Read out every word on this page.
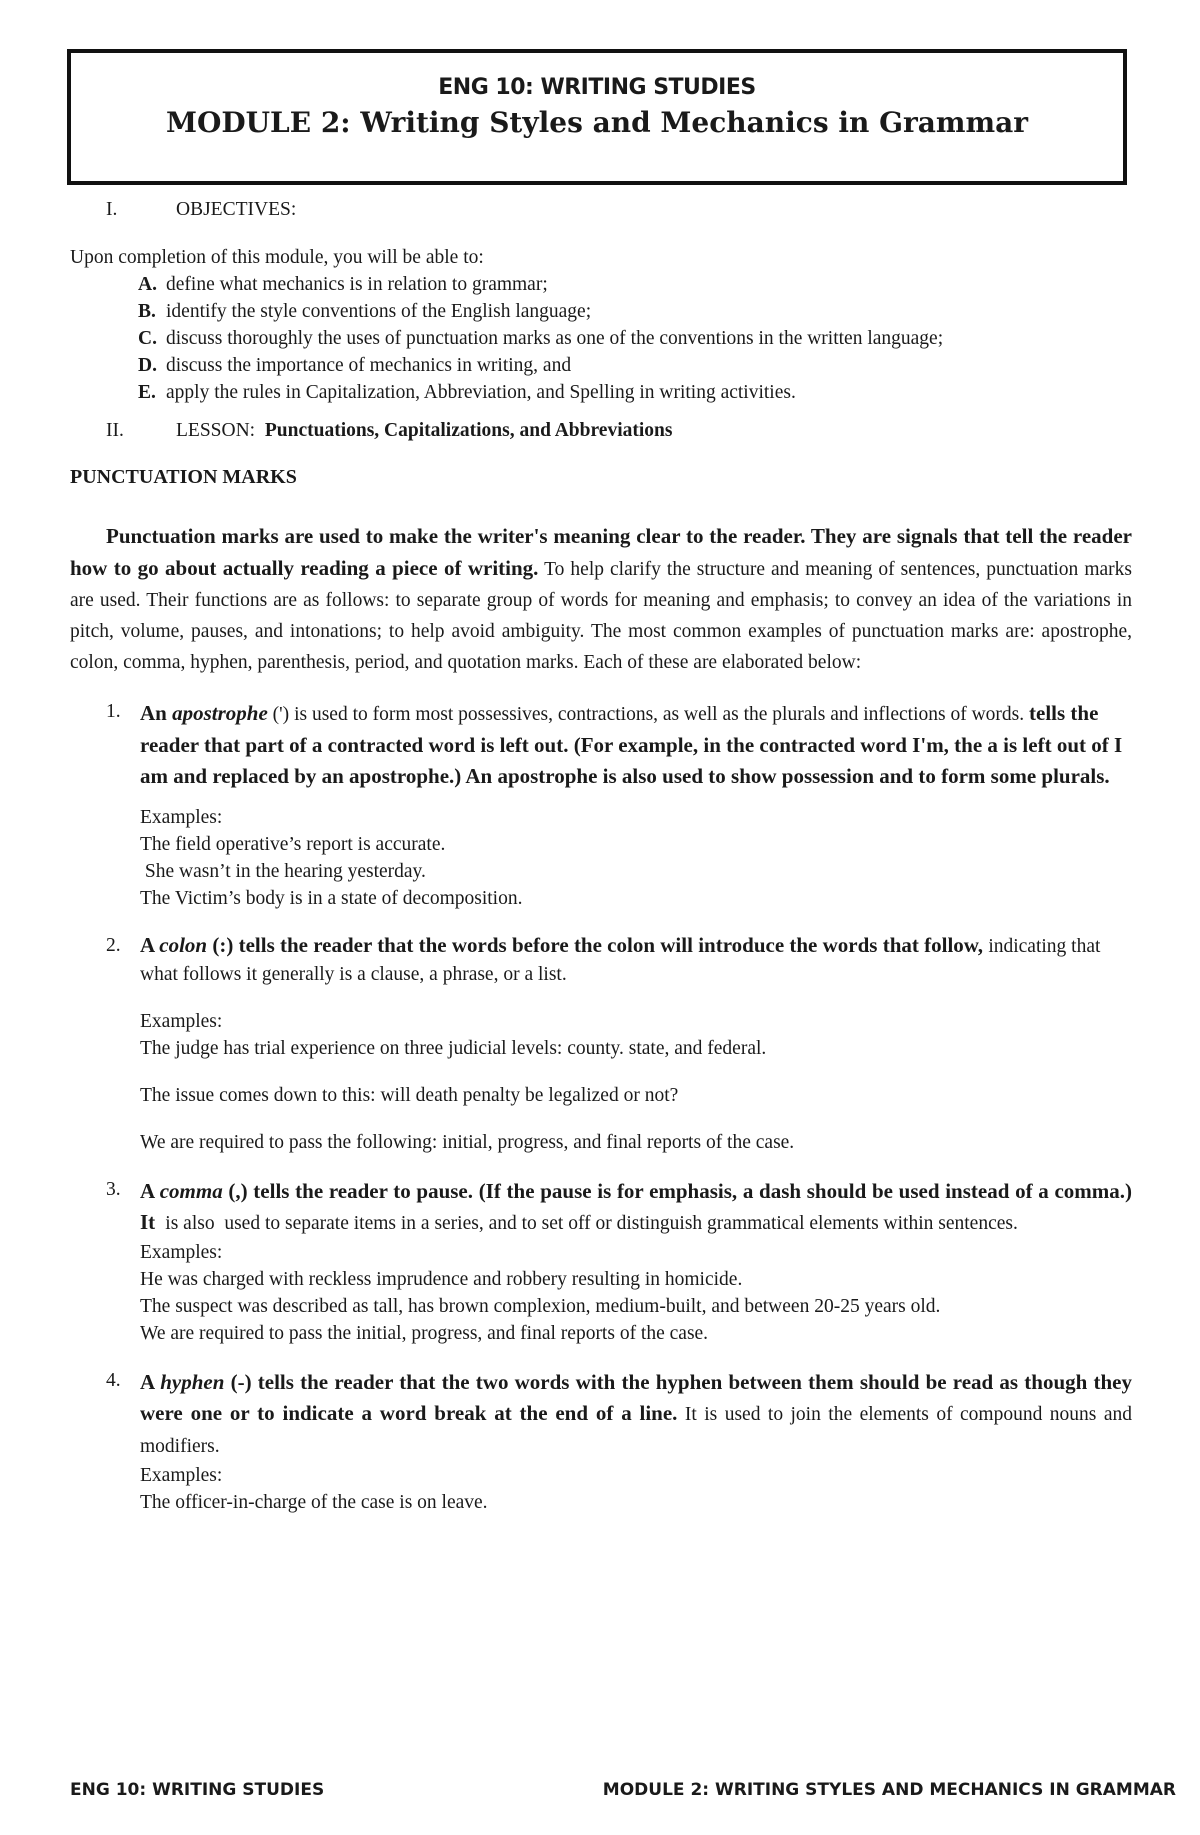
ENG 10: WRITING STUDIES
MODULE 2: Writing Styles and Mechanics in Grammar
I.	OBJECTIVES:

Upon completion of this module, you will be able to:

A. define what mechanics is in relation to grammar;
B. identify the style conventions of the English language;
C. discuss thoroughly the uses of punctuation marks as one of the conventions in the written language;
D. discuss the importance of mechanics in writing, and
E. apply the rules in Capitalization, Abbreviation, and Spelling in writing activities.
II.	LESSON: Punctuations, Capitalizations, and Abbreviations
PUNCTUATION MARKS
Punctuation marks are used to make the writer's meaning clear to the reader. They are signals that tell the reader how to go about actually reading a piece of writing. To help clarify the structure and meaning of sentences, punctuation marks are used. Their functions are as follows: to separate group of words for meaning and emphasis; to convey an idea of the variations in pitch, volume, pauses, and intonations; to help avoid ambiguity. The most common examples of punctuation marks are: apostrophe, colon, comma, hyphen, parenthesis, period, and quotation marks. Each of these are elaborated below:
1. An apostrophe (') is used to form most possessives, contractions, as well as the plurals and inflections of words. tells the reader that part of a contracted word is left out. (For example, in the contracted word I'm, the a is left out of I am and replaced by an apostrophe.) An apostrophe is also used to show possession and to form some plurals.
Examples:
The field operative’s report is accurate.
She wasn’t in the hearing yesterday.
The Victim’s body is in a state of decomposition.
2. A colon (:) tells the reader that the words before the colon will introduce the words that follow, indicating that what follows it generally is a clause, a phrase, or a list.
Examples:
The judge has trial experience on three judicial levels: county. state, and federal.
The issue comes down to this: will death penalty be legalized or not?
We are required to pass the following: initial, progress, and final reports of the case.
3. A comma (,) tells the reader to pause. (If the pause is for emphasis, a dash should be used instead of a comma.) It  is also  used to separate items in a series, and to set off or distinguish grammatical elements within sentences.
Examples:
He was charged with reckless imprudence and robbery resulting in homicide.
The suspect was described as tall, has brown complexion, medium-built, and between 20-25 years old.
We are required to pass the initial, progress, and final reports of the case.
4. A hyphen (-) tells the reader that the two words with the hyphen between them should be read as though they were one or to indicate a word break at the end of a line. It is used to join the elements of compound nouns and modifiers.
Examples:
The officer-in-charge of the case is on leave.
ENG 10: WRITING STUDIES	MODULE 2: WRITING STYLES AND MECHANICS IN GRAMMAR
